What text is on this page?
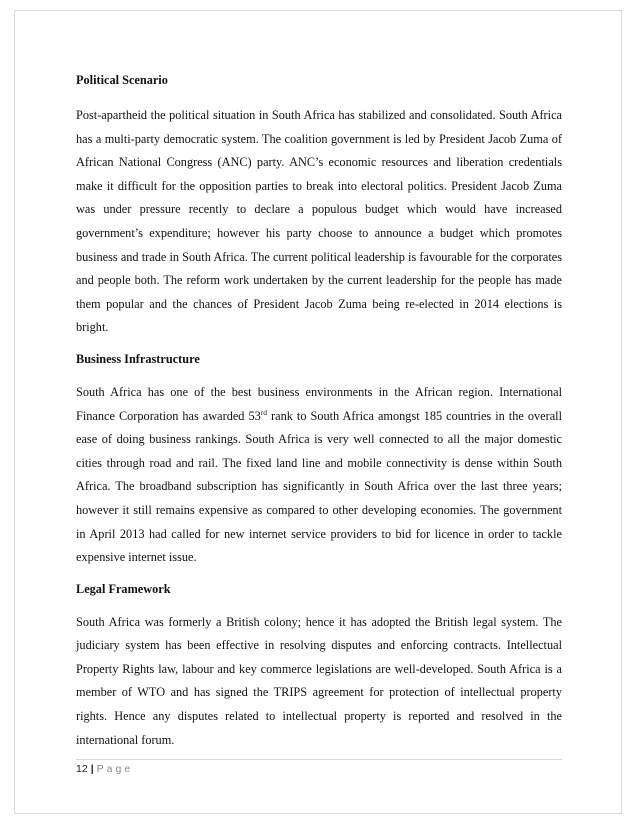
Political Scenario

Post-apartheid the political situation in South Africa has stabilized and consolidated. South Africa has a multi-party democratic system. The coalition government is led by President Jacob Zuma of African National Congress (ANC) party. ANC’s economic resources and liberation credentials make it difficult for the opposition parties to break into electoral politics. President Jacob Zuma was under pressure recently to declare a populous budget which would have increased government’s expenditure; however his party choose to announce a budget which promotes business and trade in South Africa. The current political leadership is favourable for the corporates and people both. The reform work undertaken by the current leadership for the people has made them popular and the chances of President Jacob Zuma being re-elected in 2014 elections is bright.

Business Infrastructure

South Africa has one of the best business environments in the African region. International Finance Corporation has awarded 53rd rank to South Africa amongst 185 countries in the overall ease of doing business rankings. South Africa is very well connected to all the major domestic cities through road and rail. The fixed land line and mobile connectivity is dense within South Africa. The broadband subscription has significantly in South Africa over the last three years; however it still remains expensive as compared to other developing economies. The government in April 2013 had called for new internet service providers to bid for licence in order to tackle expensive internet issue.

Legal Framework

South Africa was formerly a British colony; hence it has adopted the British legal system. The judiciary system has been effective in resolving disputes and enforcing contracts. Intellectual Property Rights law, labour and key commerce legislations are well-developed. South Africa is a member of WTO and has signed the TRIPS agreement for protection of intellectual property rights. Hence any disputes related to intellectual property is reported and resolved in the international forum.

12 | Page
